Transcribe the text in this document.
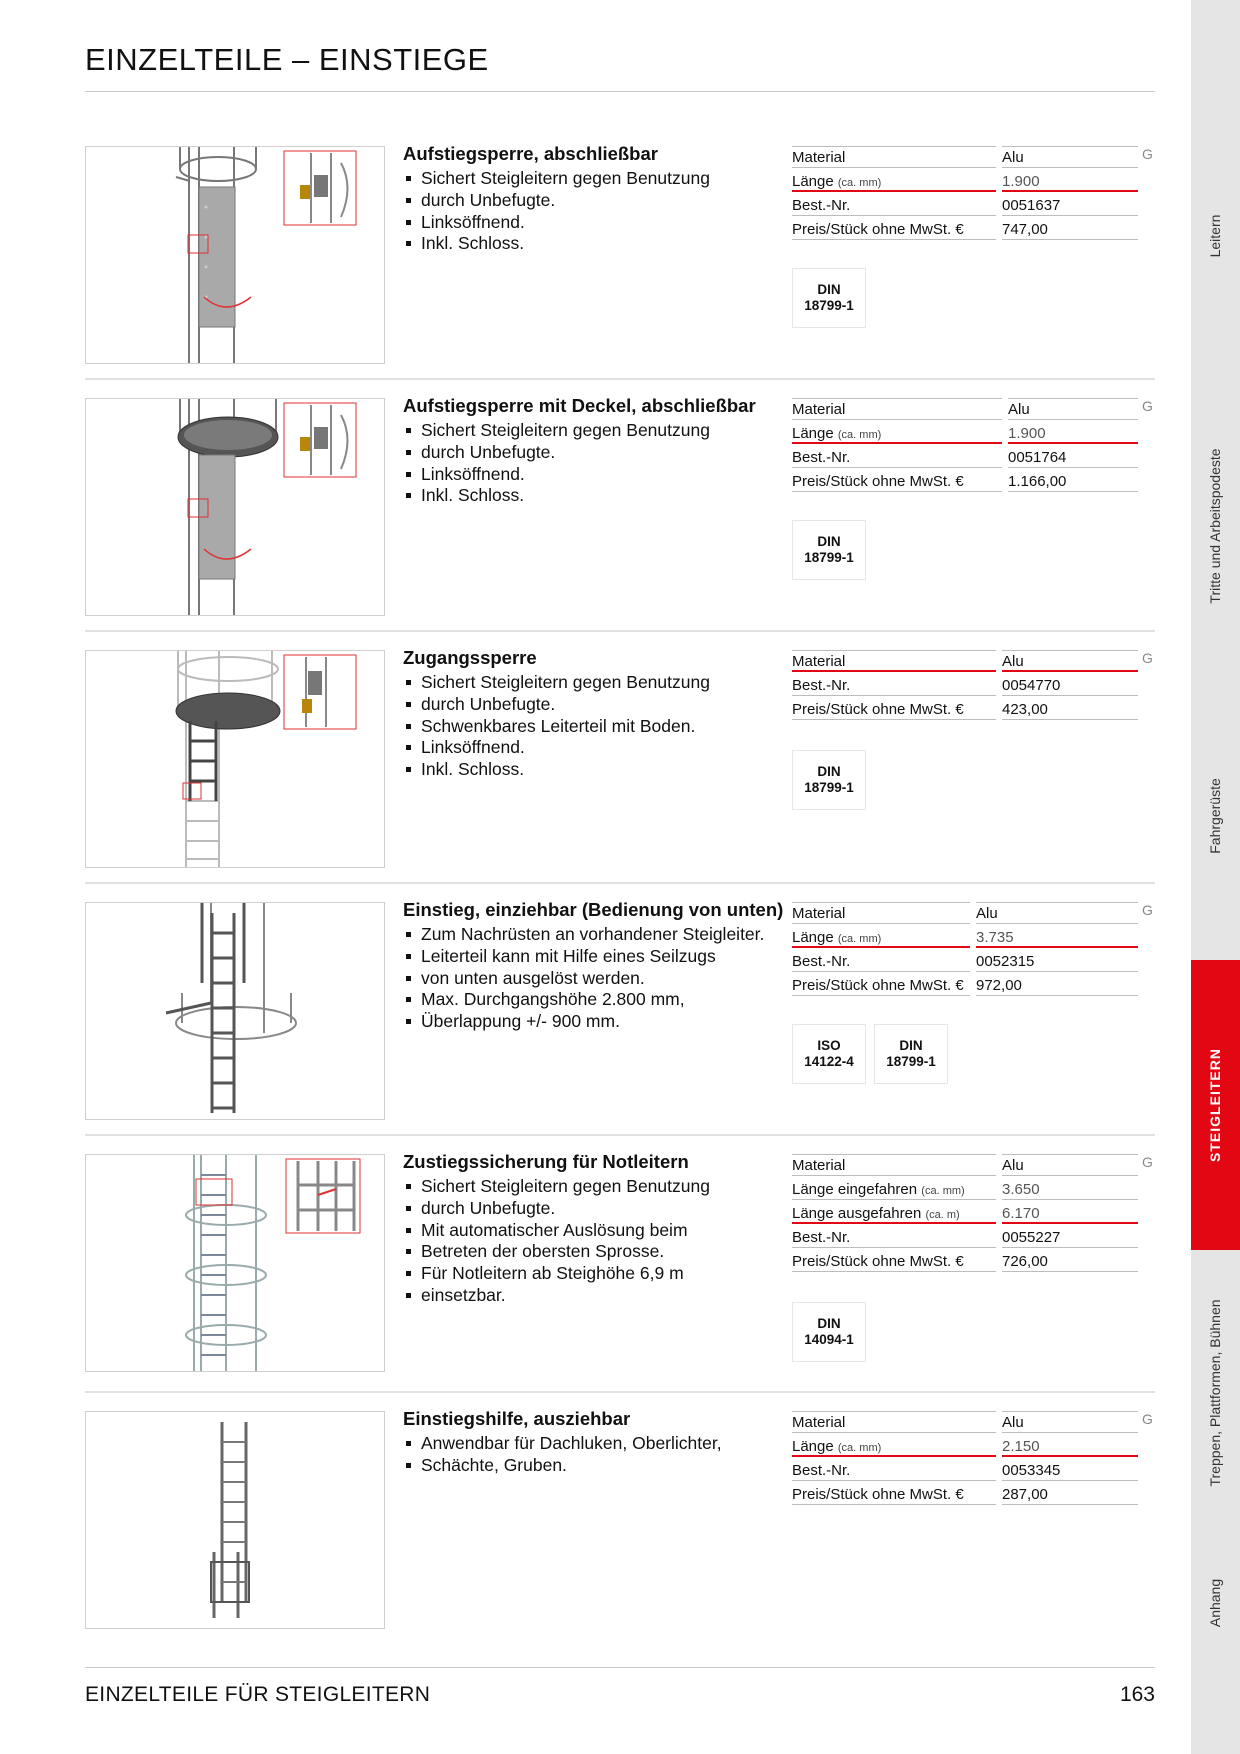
EINZELTEILE – EINSTIEGE
Aufstiegsperre, abschließbar
Sichert Steigleitern gegen Benutzung
durch Unbefugte.
Linksöffnend.
Inkl. Schloss.
Material	Alu
Länge (ca. mm)	1.900
Best.-Nr.	0051637
Preis/Stück ohne MwSt. €	747,00
DIN
18799-1
G
Aufstiegsperre mit Deckel, abschließbar
Sichert Steigleitern gegen Benutzung
durch Unbefugte.
Linksöffnend.
Inkl. Schloss.
Material	Alu
Länge (ca. mm)	1.900
Best.-Nr.	0051764
Preis/Stück ohne MwSt. €	1.166,00
DIN
18799-1
G
Zugangssperre
Sichert Steigleitern gegen Benutzung
durch Unbefugte.
Schwenkbares Leiterteil mit Boden.
Linksöffnend.
Inkl. Schloss.
Material	Alu
Best.-Nr.	0054770
Preis/Stück ohne MwSt. €	423,00
DIN
18799-1
G
Einstieg, einziehbar (Bedienung von unten)
Zum Nachrüsten an vorhandener Steigleiter.
Leiterteil kann mit Hilfe eines Seilzugs
von unten ausgelöst werden.
Max. Durchgangshöhe 2.800 mm,
Überlappung +/- 900 mm.
Material	Alu
Länge (ca. mm)	3.735
Best.-Nr.	0052315
Preis/Stück ohne MwSt. € 972,00
ISO
14122-4
DIN
18799-1
G
Zustiegssicherung für Notleitern
Sichert Steigleitern gegen Benutzung
durch Unbefugte.
Mit automatischer Auslösung beim
Betreten der obersten Sprosse.
Für Notleitern ab Steighöhe 6,9 m
einsetzbar.
Material	Alu
Länge eingefahren (ca. mm) 3.650
Länge ausgefahren (ca. m)	6.170
Best.-Nr.	0055227
Preis/Stück ohne MwSt. €	726,00
DIN
14094-1
G
Einstiegshilfe, ausziehbar
Anwendbar für Dachluken, Oberlichter,
Schächte, Gruben.
Material	Alu
Länge (ca. mm)	2.150
Best.-Nr.	0053345
Preis/Stück ohne MwSt. €	287,00
G
EINZELTEILE FÜR STEIGLEITERN	163
Leitern
Tritte und Arbeitspodeste
Fahrgerüste
STEIGLEITERN
Treppen, Plattformen, Bühnen
Anhang
